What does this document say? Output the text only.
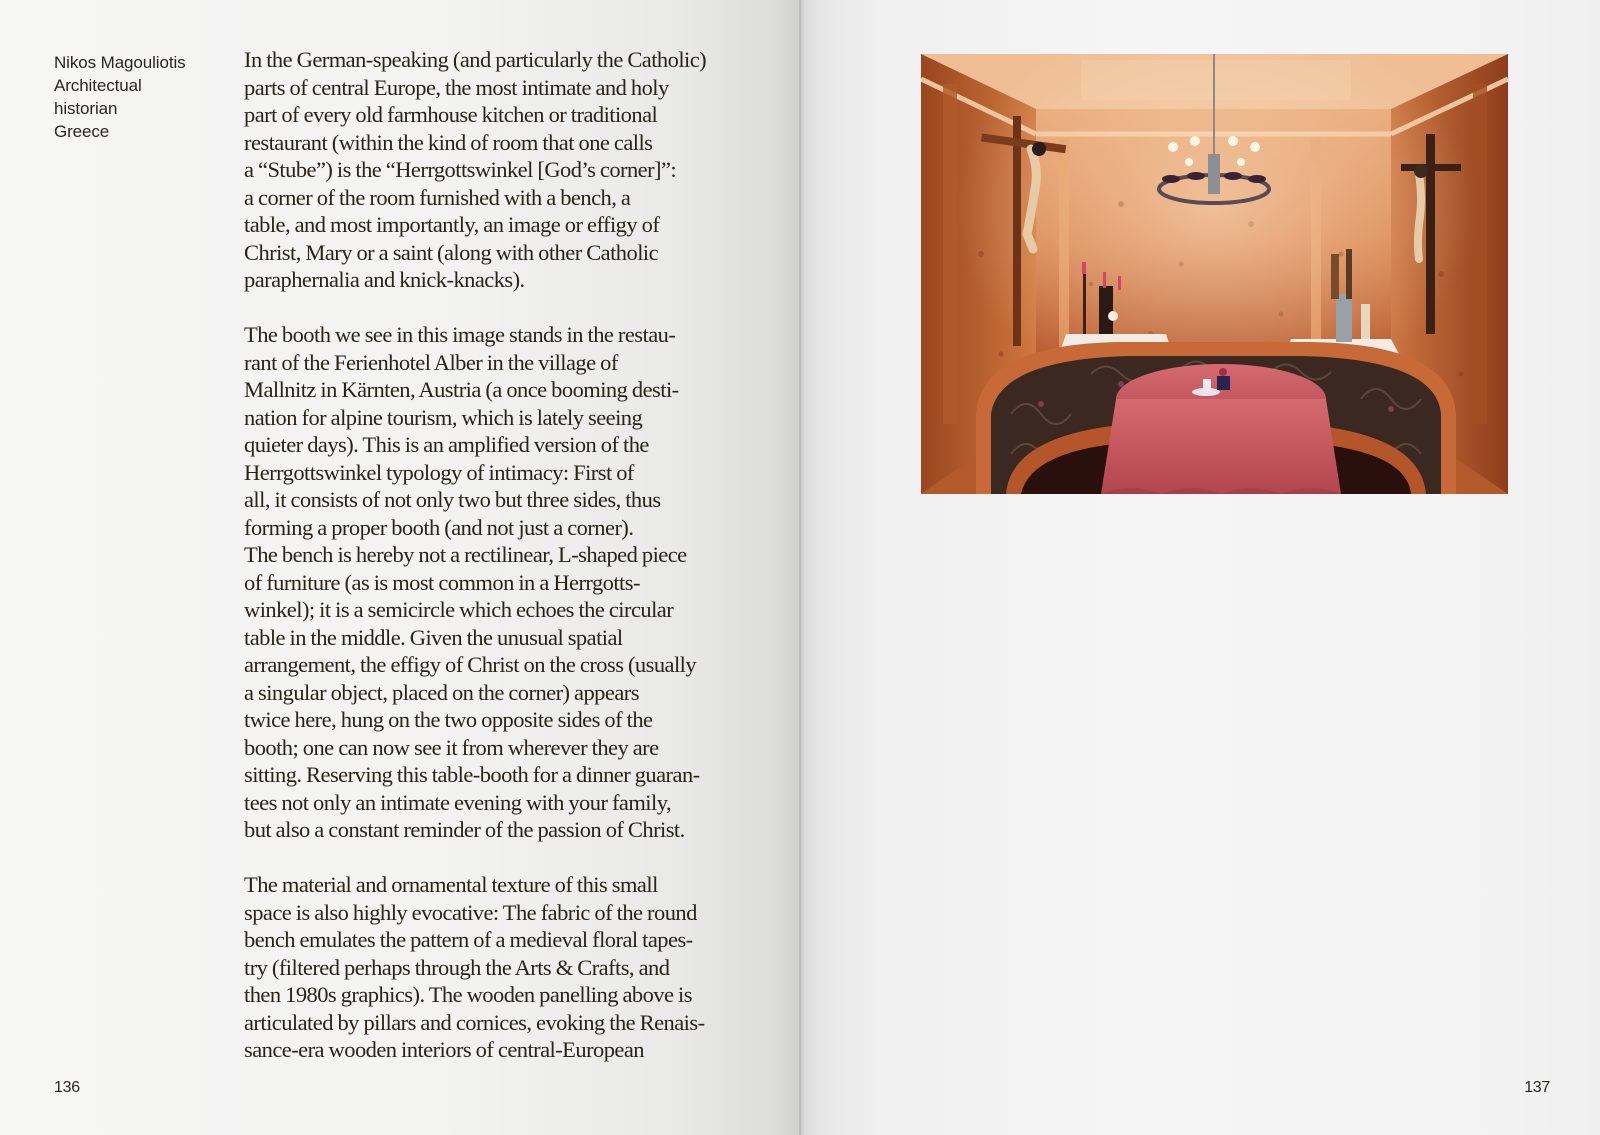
Nikos Magouliotis
Architectual
historian
Greece
In the German-speaking (and particularly the Catholic)
parts of central Europe, the most intimate and holy
part of every old farmhouse kitchen or traditional
restaurant (within the kind of room that one calls
a “Stube”) is the “Herrgottswinkel [God’s corner]”:
a corner of the room furnished with a bench, a
table, and most importantly, an image or effigy of
Christ, Mary or a saint (along with other Catholic
paraphernalia and knick-knacks).
The booth we see in this image stands in the restau-
rant of the Ferienhotel Alber in the village of
Mallnitz in Kärnten, Austria (a once booming desti-
nation for alpine tourism, which is lately seeing
quieter days). This is an amplified version of the
Herrgottswinkel typology of intimacy: First of
all, it consists of not only two but three sides, thus
forming a proper booth (and not just a corner).
The bench is hereby not a rectilinear, L-shaped piece
of furniture (as is most common in a Herrgotts-
winkel); it is a semicircle which echoes the circular
table in the middle. Given the unusual spatial
arrangement, the effigy of Christ on the cross (usually
a singular object, placed on the corner) appears
twice here, hung on the two opposite sides of the
booth; one can now see it from wherever they are
sitting. Reserving this table-booth for a dinner guaran-
tees not only an intimate evening with your family,
but also a constant reminder of the passion of Christ.
The material and ornamental texture of this small
space is also highly evocative: The fabric of the round
bench emulates the pattern of a medieval floral tapes-
try (filtered perhaps through the Arts & Crafts, and
then 1980s graphics). The wooden panelling above is
articulated by pillars and cornices, evoking the Renais-
sance-era wooden interiors of central-European
136	137
